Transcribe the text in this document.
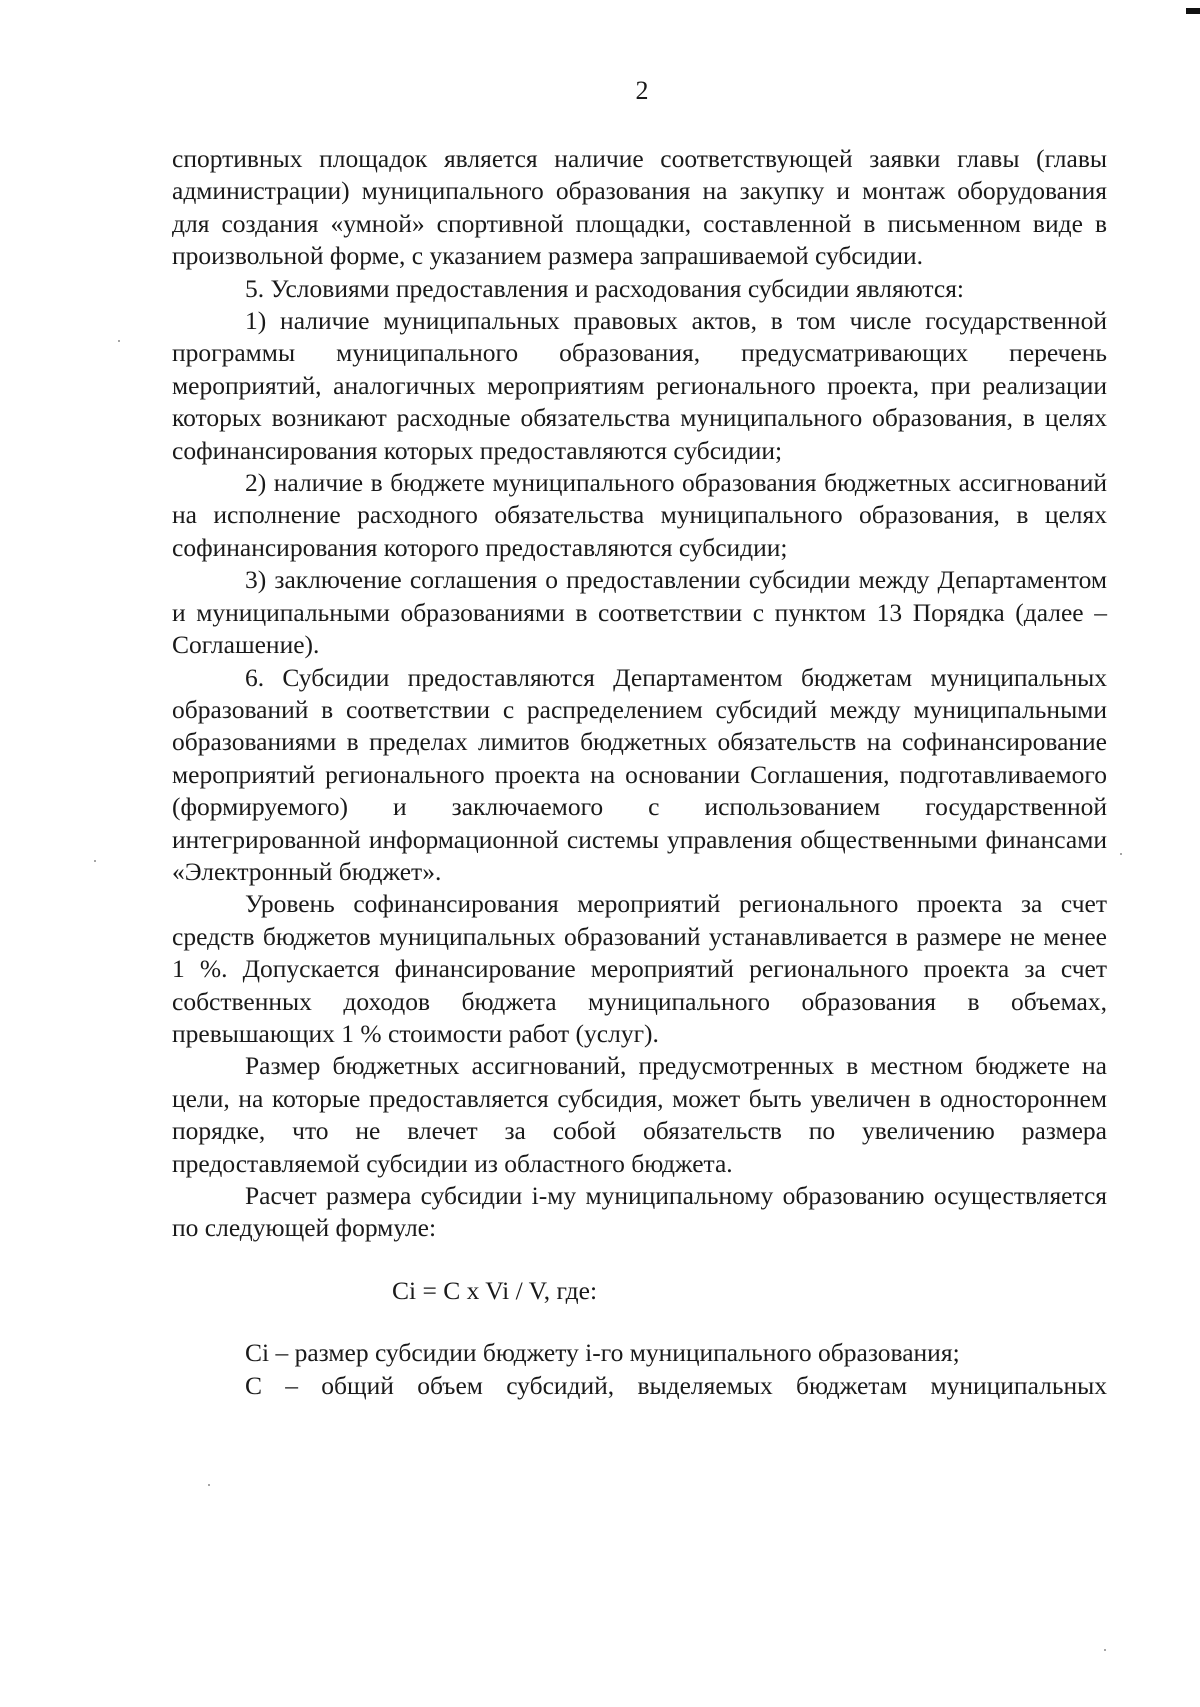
2

спортивных площадок является наличие соответствующей заявки главы (главы администрации) муниципального образования на закупку и монтаж оборудования для создания «умной» спортивной площадки, составленной в письменном виде в произвольной форме, с указанием размера запрашиваемой субсидии.

5. Условиями предоставления и расходования субсидии являются:

1) наличие муниципальных правовых актов, в том числе государственной программы муниципального образования, предусматривающих перечень мероприятий, аналогичных мероприятиям регионального проекта, при реализации которых возникают расходные обязательства муниципального образования, в целях софинансирования которых предоставляются субсидии;

2) наличие в бюджете муниципального образования бюджетных ассигнований на исполнение расходного обязательства муниципального образования, в целях софинансирования которого предоставляются субсидии;

3) заключение соглашения о предоставлении субсидии между Департаментом и муниципальными образованиями в соответствии с пунктом 13 Порядка (далее – Соглашение).

6. Субсидии предоставляются Департаментом бюджетам муниципальных образований в соответствии с распределением субсидий между муниципальными образованиями в пределах лимитов бюджетных обязательств на софинансирование мероприятий регионального проекта на основании Соглашения, подготавливаемого (формируемого) и заключаемого с использованием государственной интегрированной информационной системы управления общественными финансами «Электронный бюджет».

Уровень софинансирования мероприятий регионального проекта за счет средств бюджетов муниципальных образований устанавливается в размере не менее 1 %. Допускается финансирование мероприятий регионального проекта за счет собственных доходов бюджета муниципального образования в объемах, превышающих 1 % стоимости работ (услуг).

Размер бюджетных ассигнований, предусмотренных в местном бюджете на цели, на которые предоставляется субсидия, может быть увеличен в одностороннем порядке, что не влечет за собой обязательств по увеличению размера предоставляемой субсидии из областного бюджета.

Расчет размера субсидии i-му муниципальному образованию осуществляется по следующей формуле:

Ci = C x Vi / V, где:

Ci – размер субсидии бюджету i-го муниципального образования;

C – общий объем субсидий, выделяемых бюджетам муниципальных
